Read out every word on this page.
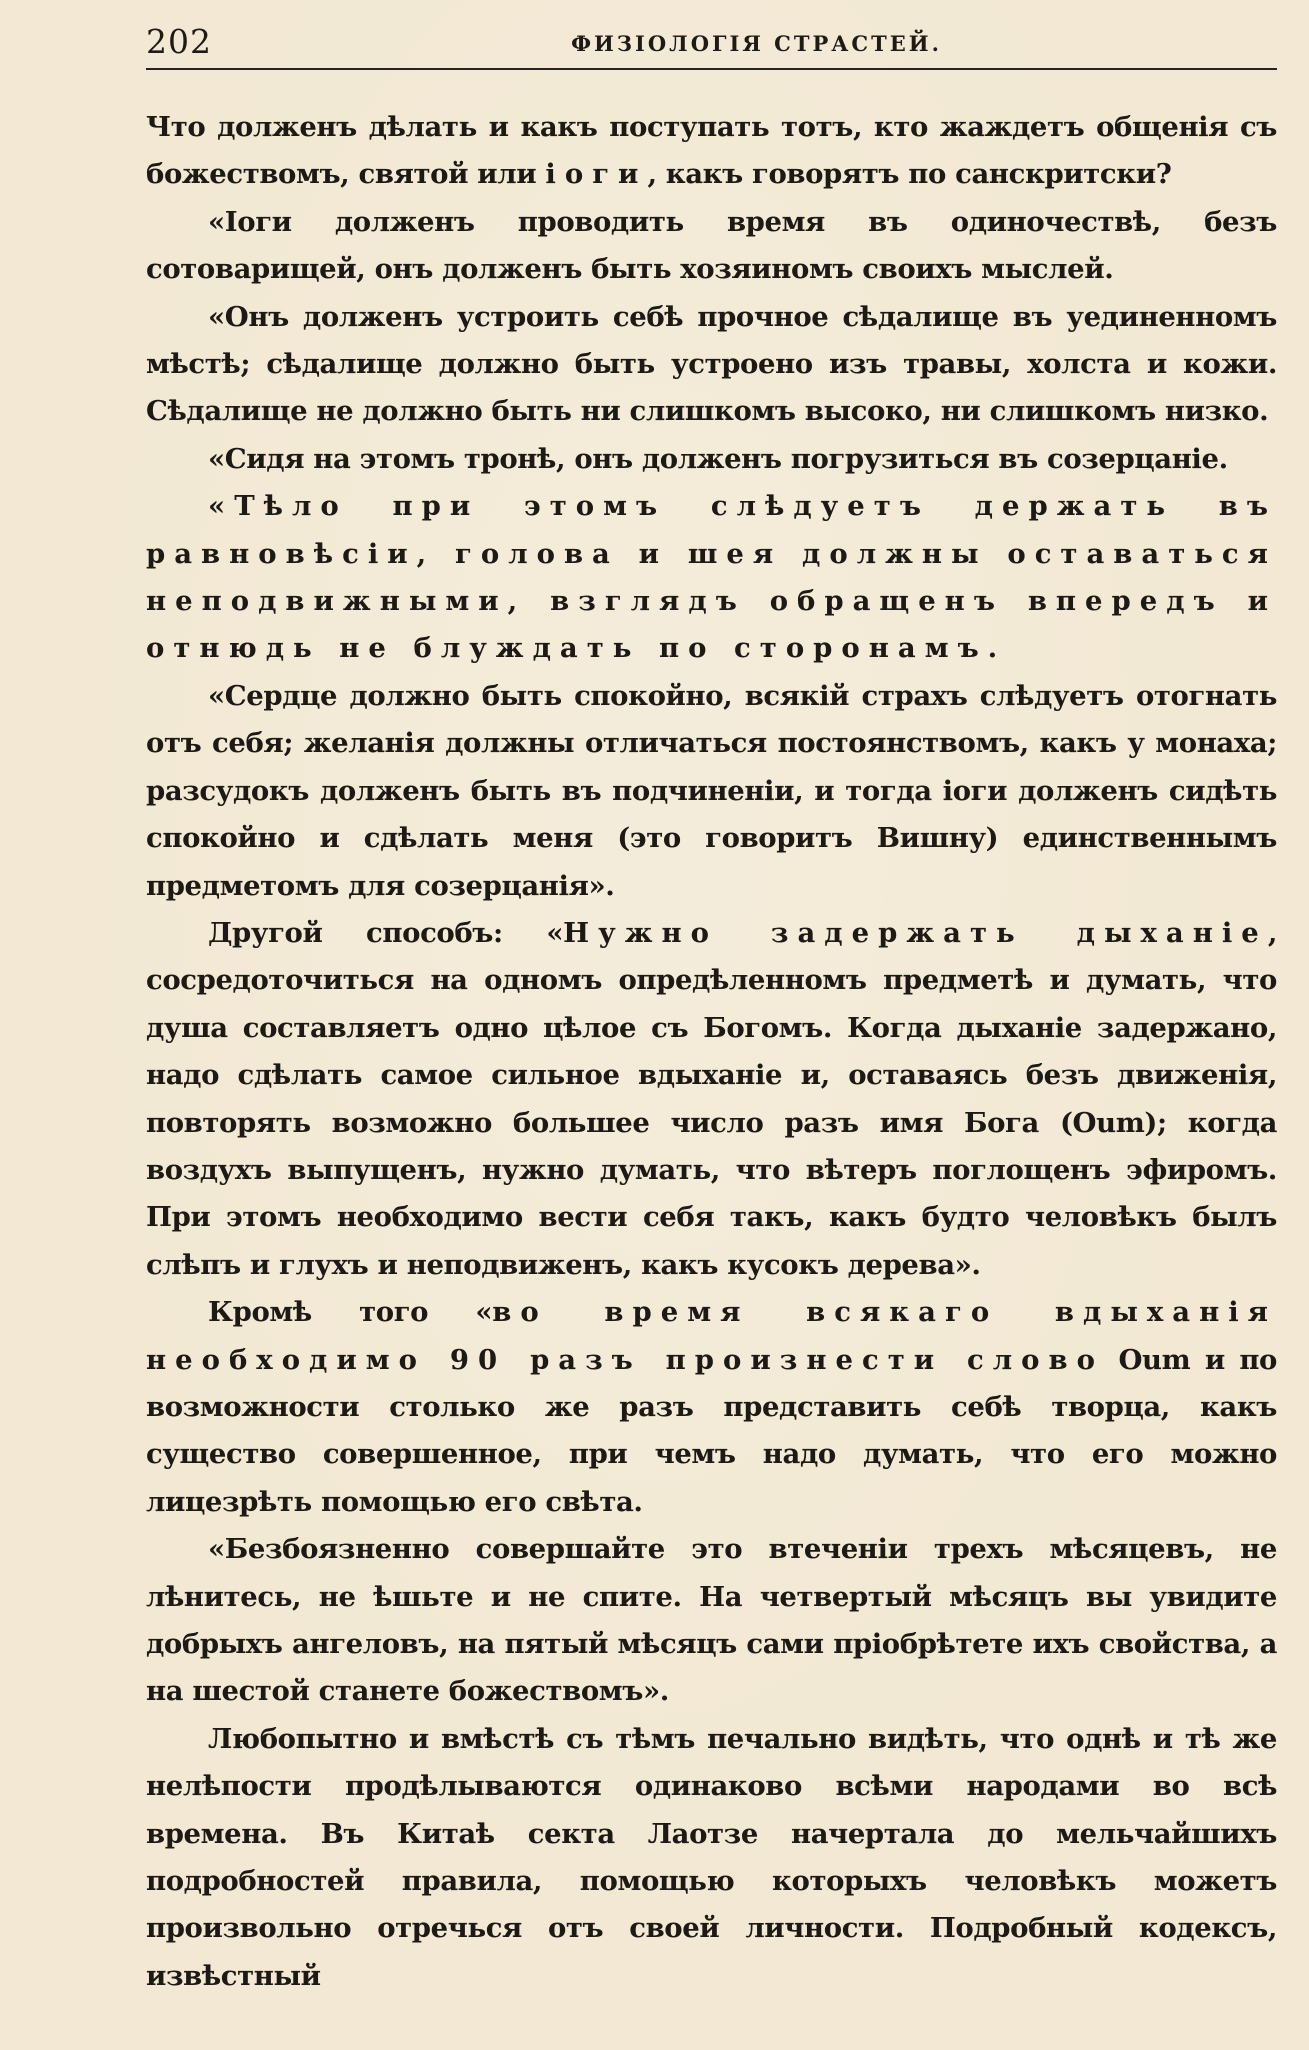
202	ФИЗIОЛОГIЯ СТРАСТЕЙ.

Что долженъ дѣлать и какъ поступать тотъ, кто жаждетъ общенiя съ божествомъ, святой или iоги, какъ говорятъ по санскритски?

«Iоги долженъ проводить время въ одиночествѣ, безъ сотоварищей, онъ долженъ быть хозяиномъ своихъ мыслей.

«Онъ долженъ устроить себѣ прочное сѣдалище въ уединенномъ мѣстѣ; сѣдалище должно быть устроено изъ травы, холста и кожи. Сѣдалище не должно быть ни слишкомъ высоко, ни слишкомъ низко.

«Сидя на этомъ тронѣ, онъ долженъ погрузиться въ созерцанiе.

«Тѣло при этомъ слѣдуетъ держать въ равновѣсiи, голова и шея должны оставаться неподвижными, взглядъ обращенъ впередъ и отнюдь не блуждать по сторонамъ.

«Сердце должно быть спокойно, всякiй страхъ слѣдуетъ отогнать отъ себя; желанiя должны отличаться постоянствомъ, какъ у монаха; разсудокъ долженъ быть въ подчиненiи, и тогда iоги долженъ сидѣть спокойно и сдѣлать меня (это говоритъ Вишну) единственнымъ предметомъ для созерцанiя».

Другой способъ: «Нужно задержать дыханiе, сосредоточиться на одномъ опредѣленномъ предметѣ и думать, что душа составляетъ одно цѣлое съ Богомъ. Когда дыханiе задержано, надо сдѣлать самое сильное вдыханiе и, оставаясь безъ движенiя, повторять возможно большее число разъ имя Бога (Оum); когда воздухъ выпущенъ, нужно думать, что вѣтеръ поглощенъ эфиромъ. При этомъ необходимо вести себя такъ, какъ будто человѣкъ былъ слѣпъ и глухъ и неподвиженъ, какъ кусокъ дерева».

Кромѣ того «во время всякаго вдыханiя необходимо 90 разъ произнести слово Оum и по возможности столько же разъ представить себѣ творца, какъ существо совершенное, при чемъ надо думать, что его можно лицезрѣть помощью его свѣта.

«Безбоязненно совершайте это втеченiи трехъ мѣсяцевъ, не лѣнитесь, не ѣшьте и не спите. На четвертый мѣсяцъ вы увидите добрыхъ ангеловъ, на пятый мѣсяцъ сами прiобрѣтете ихъ свойства, а на шестой станете божествомъ».

Любопытно и вмѣстѣ съ тѣмъ печально видѣть, что однѣ и тѣ же нелѣпости продѣлываются одинаково всѣми народами во всѣ времена. Въ Китаѣ секта Лаотзе начертала до мельчайшихъ подробностей правила, помощью которыхъ человѣкъ можетъ произвольно отречься отъ своей личности. Подробный кодексъ, извѣстный
